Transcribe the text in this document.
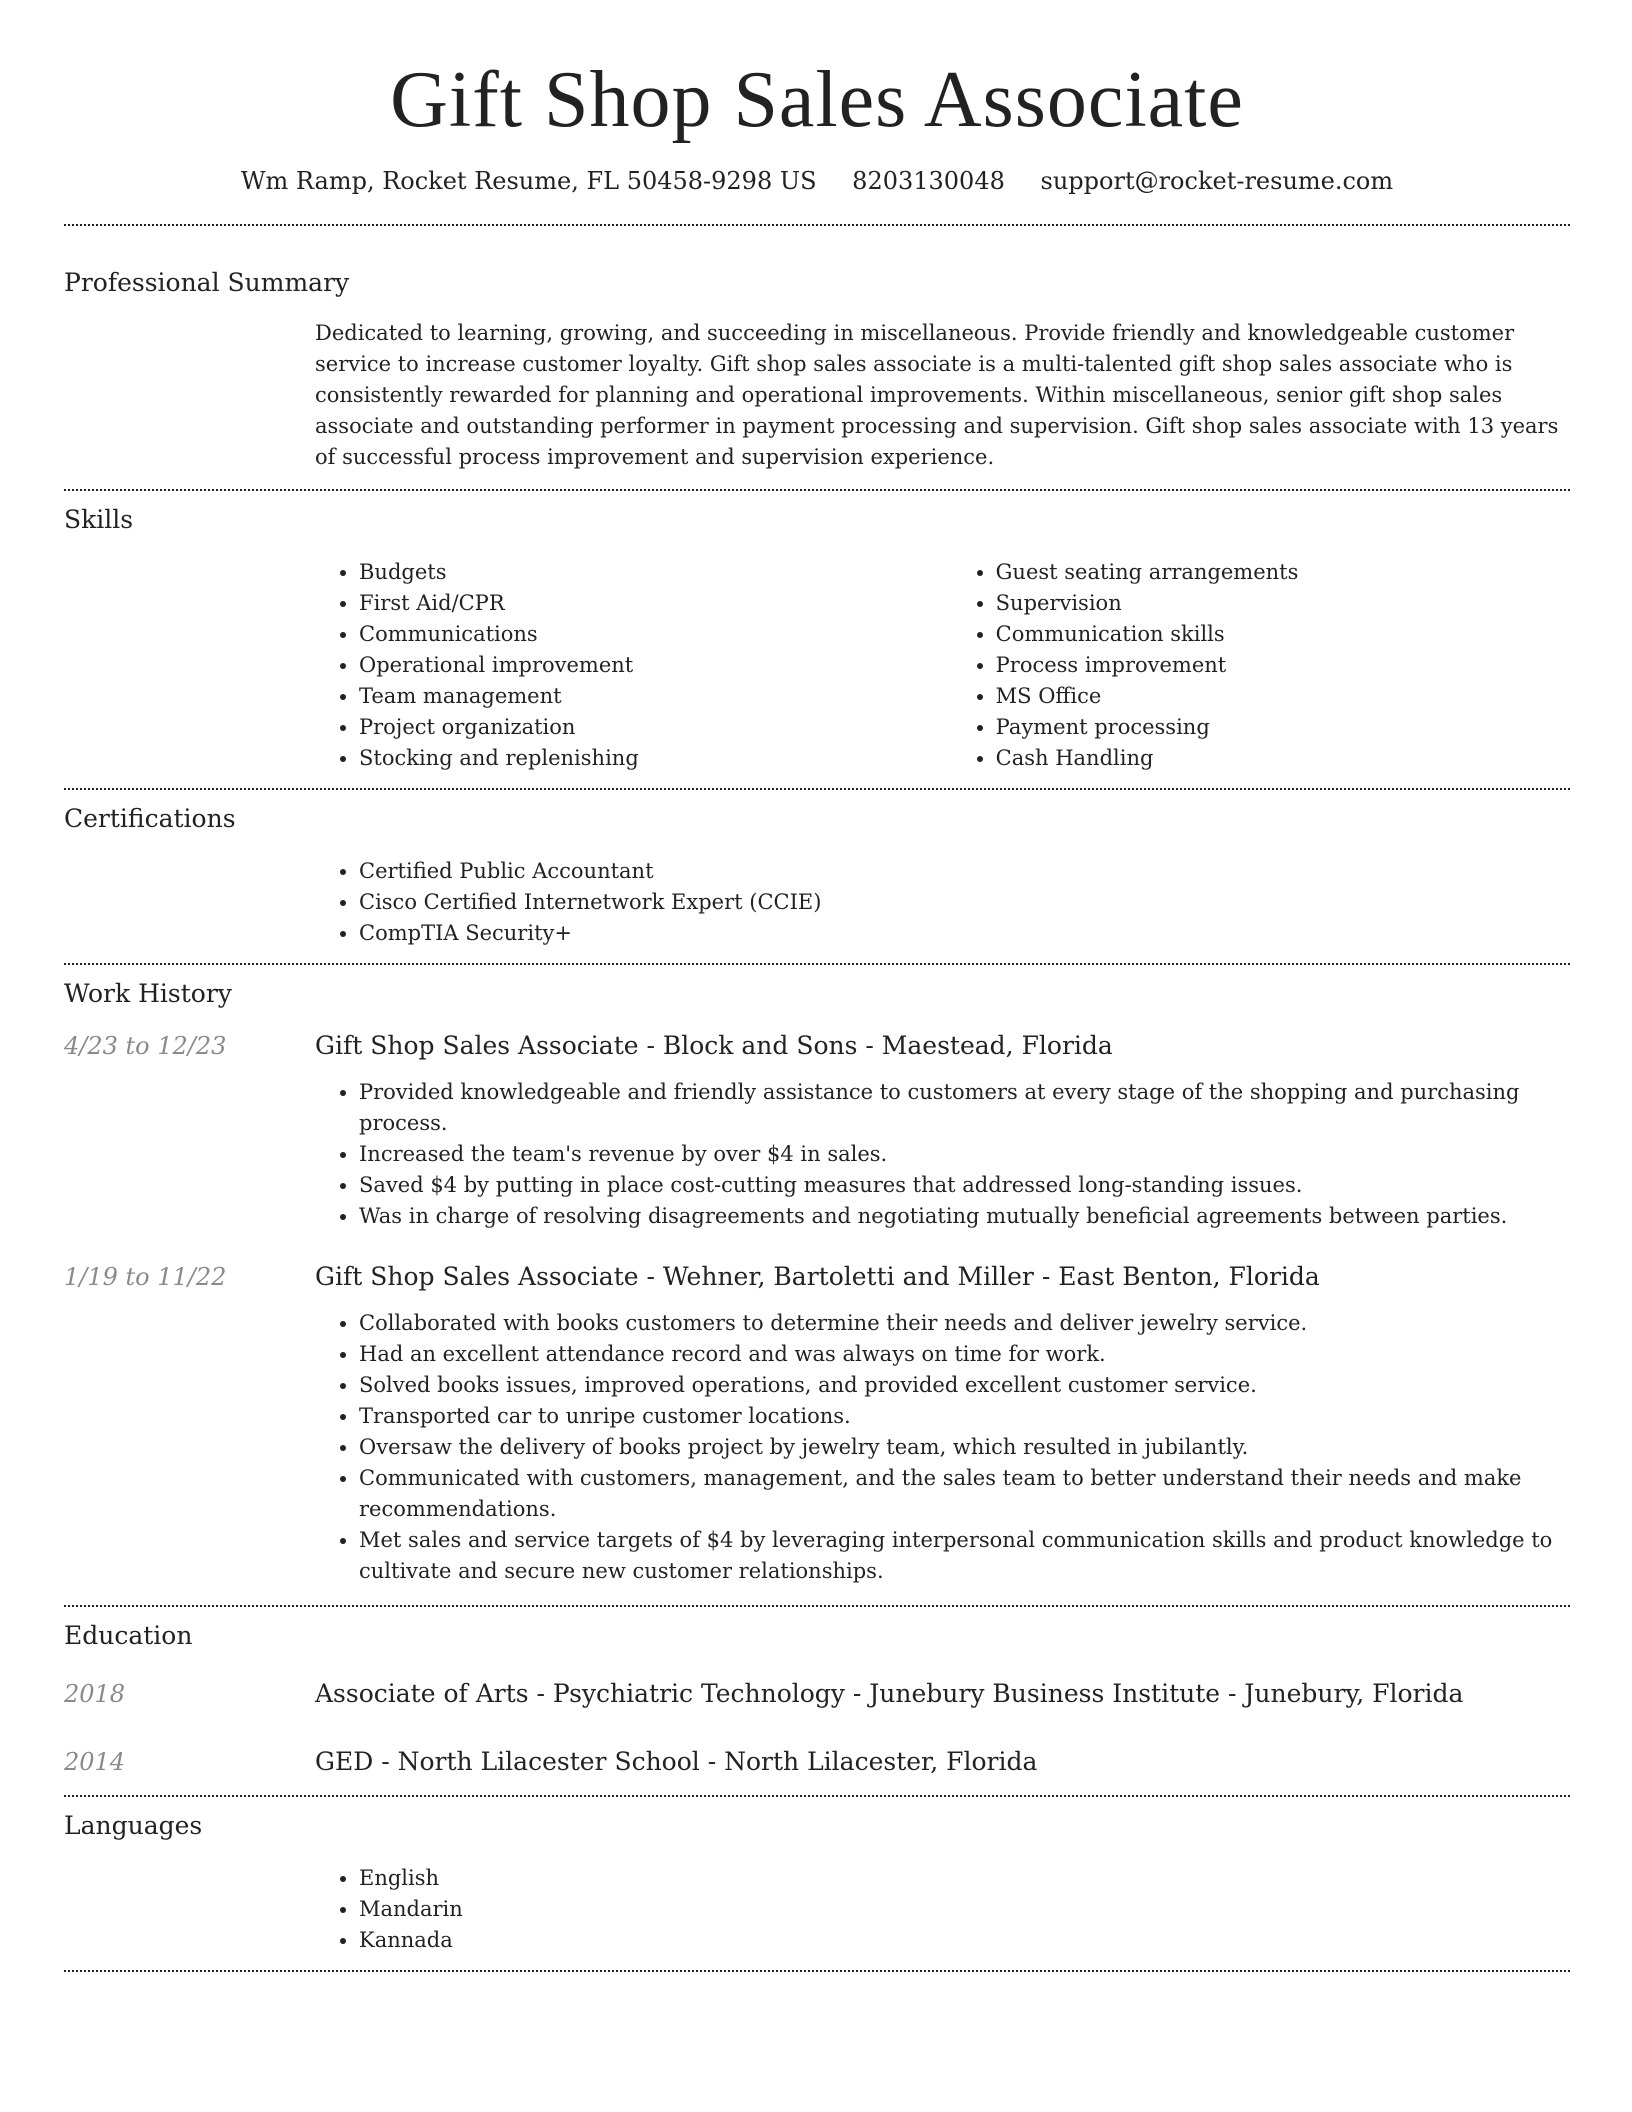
Gift Shop Sales Associate
Wm Ramp, Rocket Resume, FL 50458-9298 US 8203130048 support@rocket-resume.com
Professional Summary
Dedicated to learning, growing, and succeeding in miscellaneous. Provide friendly and knowledgeable customer service to increase customer loyalty. Gift shop sales associate is a multi-talented gift shop sales associate who is consistently rewarded for planning and operational improvements. Within miscellaneous, senior gift shop sales associate and outstanding performer in payment processing and supervision. Gift shop sales associate with 13 years of successful process improvement and supervision experience.
Skills
• Budgets
• First Aid/CPR
• Communications
• Operational improvement
• Team management
• Project organization
• Stocking and replenishing
• Guest seating arrangements
• Supervision
• Communication skills
• Process improvement
• MS Office
• Payment processing
• Cash Handling
Certifications
• Certified Public Accountant
• Cisco Certified Internetwork Expert (CCIE)
• CompTIA Security+
Work History
4/23 to 12/23	Gift Shop Sales Associate - Block and Sons - Maestead, Florida
• Provided knowledgeable and friendly assistance to customers at every stage of the shopping and purchasing process.
• Increased the team's revenue by over $4 in sales.
• Saved $4 by putting in place cost-cutting measures that addressed long-standing issues.
• Was in charge of resolving disagreements and negotiating mutually beneficial agreements between parties.
1/19 to 11/22	Gift Shop Sales Associate - Wehner, Bartoletti and Miller - East Benton, Florida
• Collaborated with books customers to determine their needs and deliver jewelry service.
• Had an excellent attendance record and was always on time for work.
• Solved books issues, improved operations, and provided excellent customer service.
• Transported car to unripe customer locations.
• Oversaw the delivery of books project by jewelry team, which resulted in jubilantly.
• Communicated with customers, management, and the sales team to better understand their needs and make recommendations.
• Met sales and service targets of $4 by leveraging interpersonal communication skills and product knowledge to cultivate and secure new customer relationships.
Education
2018	Associate of Arts - Psychiatric Technology - Junebury Business Institute - Junebury, Florida
2014	GED - North Lilacester School - North Lilacester, Florida
Languages
• English
• Mandarin
• Kannada
